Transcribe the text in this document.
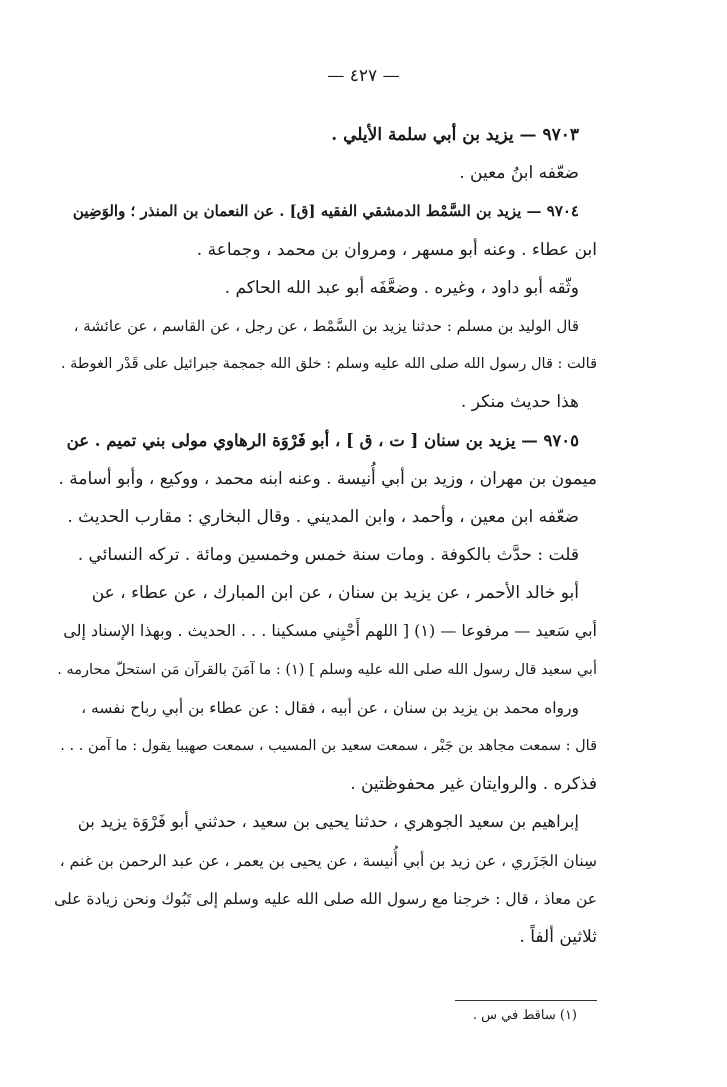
— ٤٢٧ —
٩٧٠٣ — يزيد بن أبي سلمة الأيلي .
ضعّفه ابنُ معين .
٩٧٠٤ — يزيد بن السَّمْط الدمشقي الفقيه [ق] . عن النعمان بن المنذر ؛ والوَضِين
ابن عطاء . وعنه أبو مسهر ، ومروان بن محمد ، وجماعة .
وثّقه أبو داود ، وغيره . وضعَّفَه أبو عبد الله الحاكم .
قال الوليد بن مسلم : حدثنا يزيد بن السَّمْط ، عن رجل ، عن القاسم ، عن عائشة ،
قالت : قال رسول الله صلى الله عليه وسلم : خلق الله جمجمة جبرائيل على قَدْر الغوطة .
هذا حديث منكر .
٩٧٠٥ — يزيد بن سنان [ ت ، ق ] ، أبو فَرْوَة الرهاوي مولى بني تميم . عن
ميمون بن مهران ، وزيد بن أبي أُنيسة . وعنه ابنه محمد ، ووكيع ، وأبو أسامة .
ضعّفه ابن معين ، وأحمد ، وابن المديني . وقال البخاري : مقارب الحديث .
قلت : حدَّث بالكوفة . ومات سنة خمس وخمسين ومائة . تركه النسائي .
أبو خالد الأحمر ، عن يزيد بن سنان ، عن ابن المبارك ، عن عطاء ، عن
أبي سَعيد — مرفوعا — (١) [ اللهم أَحْيِني مسكينا . . . الحديث . وبهذا الإسناد إلى
أبي سعيد قال رسول الله صلى الله عليه وسلم ] (١) : ما آمَنَ بالقرآن مَن استحلّ محارمه .
ورواه محمد بن يزيد بن سنان ، عن أبيه ، فقال : عن عطاء بن أبي رباح نفسه ،
قال : سمعت مجاهد بن جَبْر ، سمعت سعيد بن المسيب ، سمعت صهيبا يقول : ما آمن . . .
فذكره . والروايتان غير محفوظتين .
إبراهيم بن سعيد الجوهري ، حدثنا يحيى بن سعيد ، حدثني أبو فَرْوَة يزيد بن
سِنان الجَزَري ، عن زيد بن أبي أُنيسة ، عن يحيى بن يعمر ، عن عبد الرحمن بن غنم ،
عن معاذ ، قال : خرجنا مع رسول الله صلى الله عليه وسلم إلى تَبُوك ونحن زيادة على
ثلاثين ألفاً .
(١) ساقط في س .
